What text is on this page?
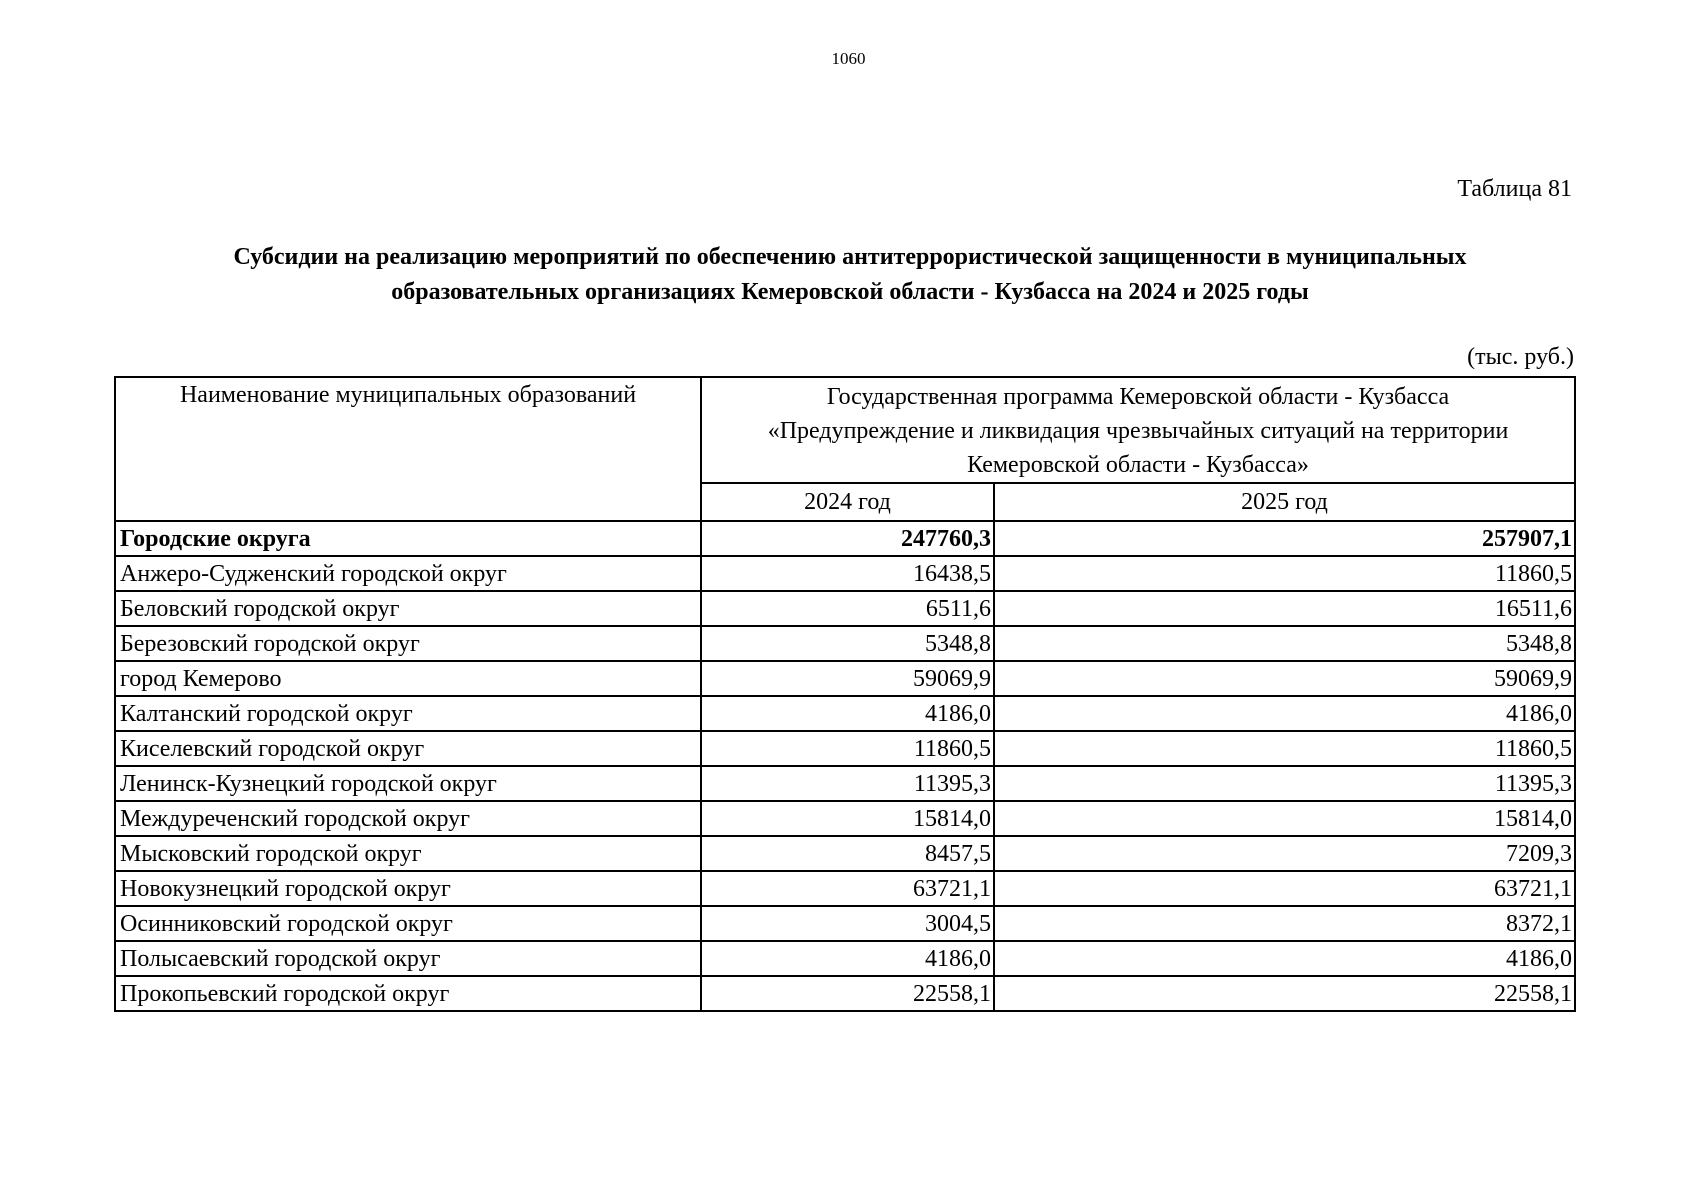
1060
Таблица 81
Субсидии на реализацию мероприятий по обеспечению антитеррористической защищенности в муниципальных
образовательных организациях Кемеровской области - Кузбасса на 2024 и 2025 годы
(тыс. руб.)
Наименование муниципальных образований	Государственная программа Кемеровской области - Кузбасса
«Предупреждение и ликвидация чрезвычайных ситуаций на территории
Кемеровской области - Кузбасса»	

	2024 год	2025 год
Городские округа	247760,3	257907,1
Анжеро-Судженский городской округ	16438,5	11860,5
Беловский городской округ	6511,6	16511,6
Березовский городской округ	5348,8	5348,8
город Кемерово	59069,9	59069,9
Калтанский городской округ	4186,0	4186,0
Киселевский городской округ	11860,5	11860,5
Ленинск-Кузнецкий городской округ	11395,3	11395,3
Междуреченский городской округ	15814,0	15814,0
Мысковский городской округ	8457,5	7209,3
Новокузнецкий городской округ	63721,1	63721,1
Осинниковский городской округ	3004,5	8372,1
Полысаевский городской округ	4186,0	4186,0
Прокопьевский городской округ	22558,1	22558,1
